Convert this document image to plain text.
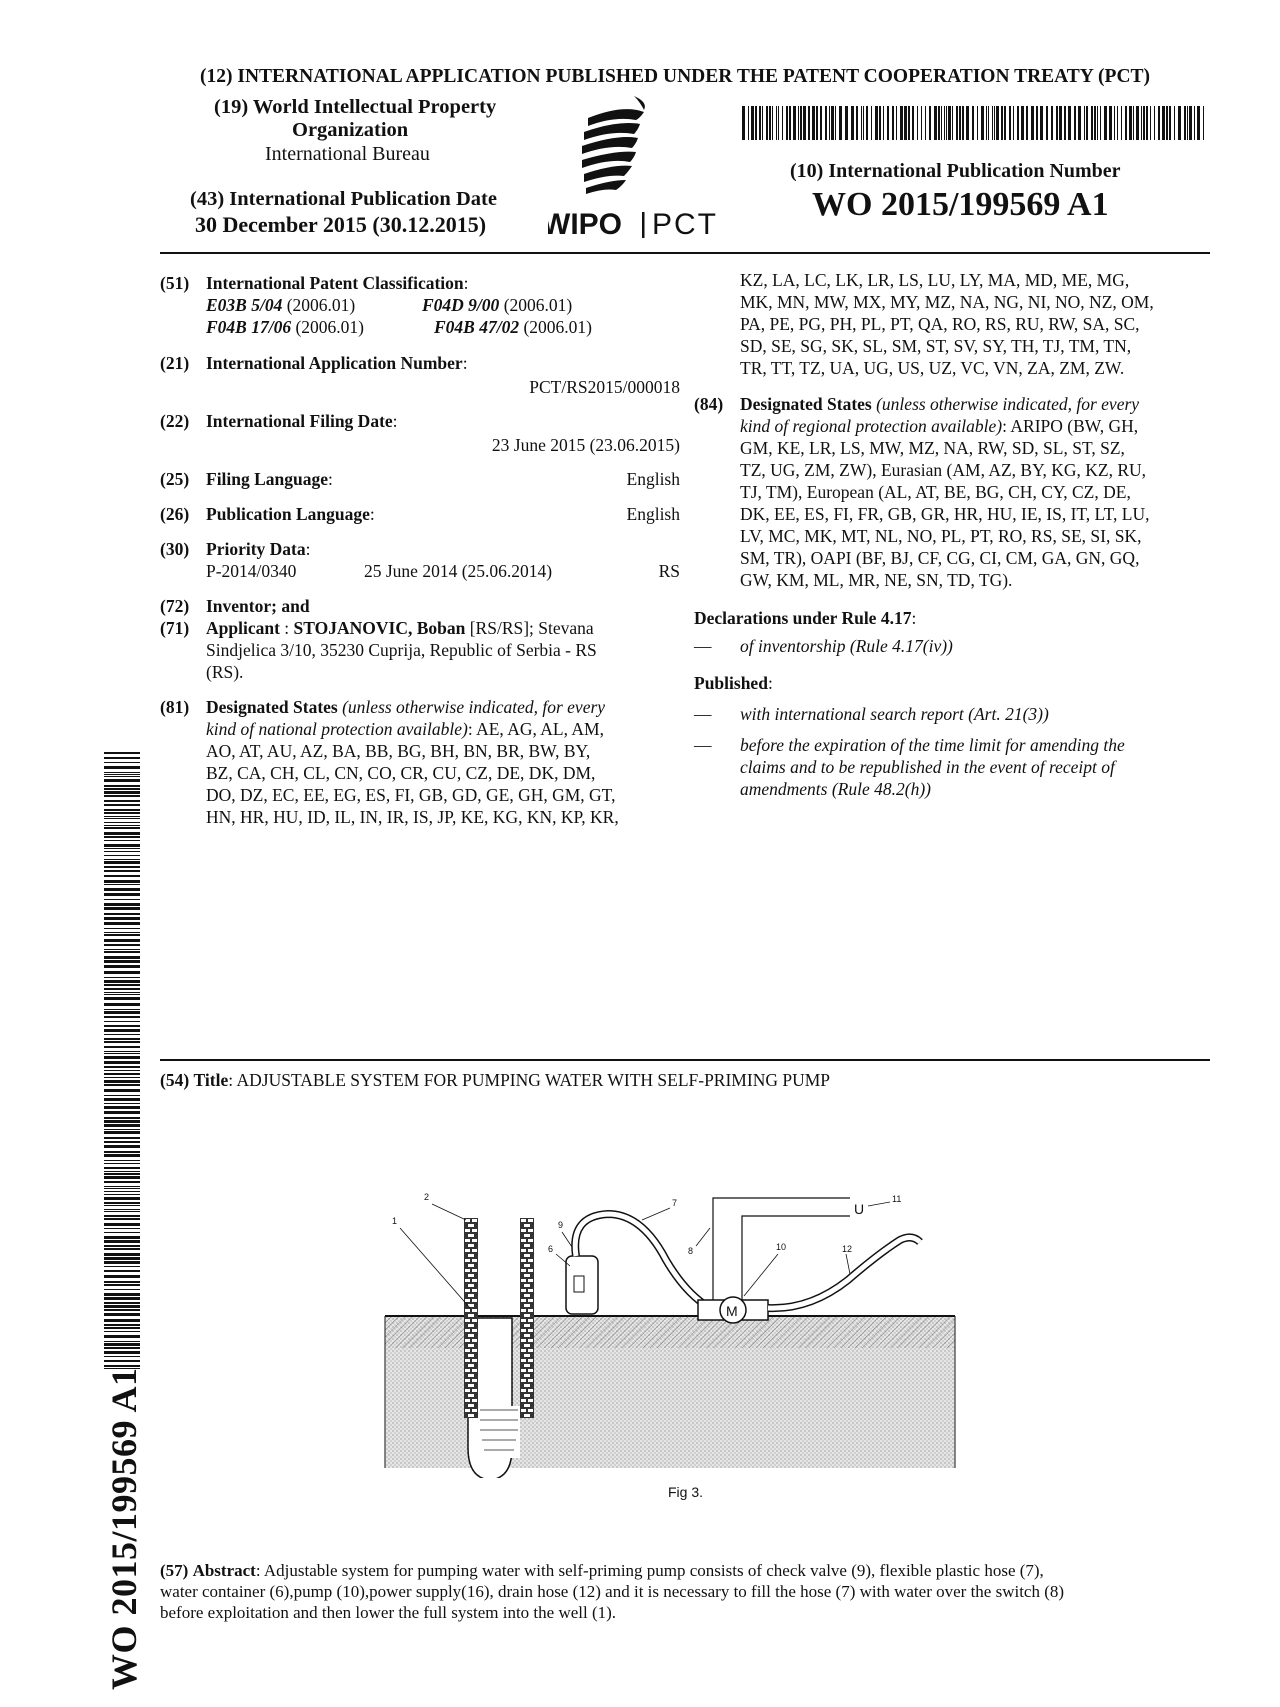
(12) INTERNATIONAL APPLICATION PUBLISHED UNDER THE PATENT COOPERATION TREATY (PCT)
(19) World Intellectual Property
Organization
International Bureau
(43) International Publication Date
30 December 2015 (30.12.2015) WIPO PCT
(10) International Publication Number
WO 2015/199569 A1
(51) International Patent Classification:
E03B 5/04 (2006.01)	F04D 9/00 (2006.01)
F04B 17/06 (2006.01)	F04B 47/02 (2006.01)
(21) International Application Number:
PCT/RS2015/000018
(22) International Filing Date:
23 June 2015 (23.06.2015)
(25) Filing Language:	English
(26) Publication Language:	English
(30) Priority Data:
P-2014/0340	25 June 2014 (25.06.2014)	RS
(72) Inventor; and
(71) Applicant : STOJANOVIC, Boban [RS/RS]; Stevana
Sindjelica 3/10, 35230 Cuprija, Republic of Serbia - RS
(RS).
(81) Designated States (unless otherwise indicated, for every
kind of national protection available): AE, AG, AL, AM,
AO, AT, AU, AZ, BA, BB, BG, BH, BN, BR, BW, BY,
BZ, CA, CH, CL, CN, CO, CR, CU, CZ, DE, DK, DM,
DO, DZ, EC, EE, EG, ES, FI, GB, GD, GE, GH, GM, GT,
HN, HR, HU, ID, IL, IN, IR, IS, JP, KE, KG, KN, KP, KR,
KZ, LA, LC, LK, LR, LS, LU, LY, MA, MD, ME, MG,
MK, MN, MW, MX, MY, MZ, NA, NG, NI, NO, NZ, OM,
PA, PE, PG, PH, PL, PT, QA, RO, RS, RU, RW, SA, SC,
SD, SE, SG, SK, SL, SM, ST, SV, SY, TH, TJ, TM, TN,
TR, TT, TZ, UA, UG, US, UZ, VC, VN, ZA, ZM, ZW.
(84) Designated States (unless otherwise indicated, for every
kind of regional protection available): ARIPO (BW, GH,
GM, KE, LR, LS, MW, MZ, NA, RW, SD, SL, ST, SZ,
TZ, UG, ZM, ZW), Eurasian (AM, AZ, BY, KG, KZ, RU,
TJ, TM), European (AL, AT, BE, BG, CH, CY, CZ, DE,
DK, EE, ES, FI, FR, GB, GR, HR, HU, IE, IS, IT, LT, LU,
LV, MC, MK, MT, NL, NO, PL, PT, RO, RS, SE, SI, SK,
SM, TR), OAPI (BF, BJ, CF, CG, CI, CM, GA, GN, GQ,
GW, KM, ML, MR, NE, SN, TD, TG).
Declarations under Rule 4.17:
— of inventorship (Rule 4.17(iv))
Published:
— with international search report (Art. 21(3))
— before the expiration of the time limit for amending the
claims and to be republished in the event of receipt of
amendments (Rule 48.2(h))
(54) Title: ADJUSTABLE SYSTEM FOR PUMPING WATER WITH SELF-PRIMING PUMP
1
2
6
9
7
M
10
U
11
8	12
Fig 3.
(57) Abstract: Adjustable system for pumping water with self-priming pump consists of check valve (9), flexible plastic hose (7),
water container (6),pump (10),power supply(16), drain hose (12) and it is necessary to fill the hose (7) with water over the switch (8)
before exploitation and then lower the full system into the well (1).
WO 2015/199569 A1
